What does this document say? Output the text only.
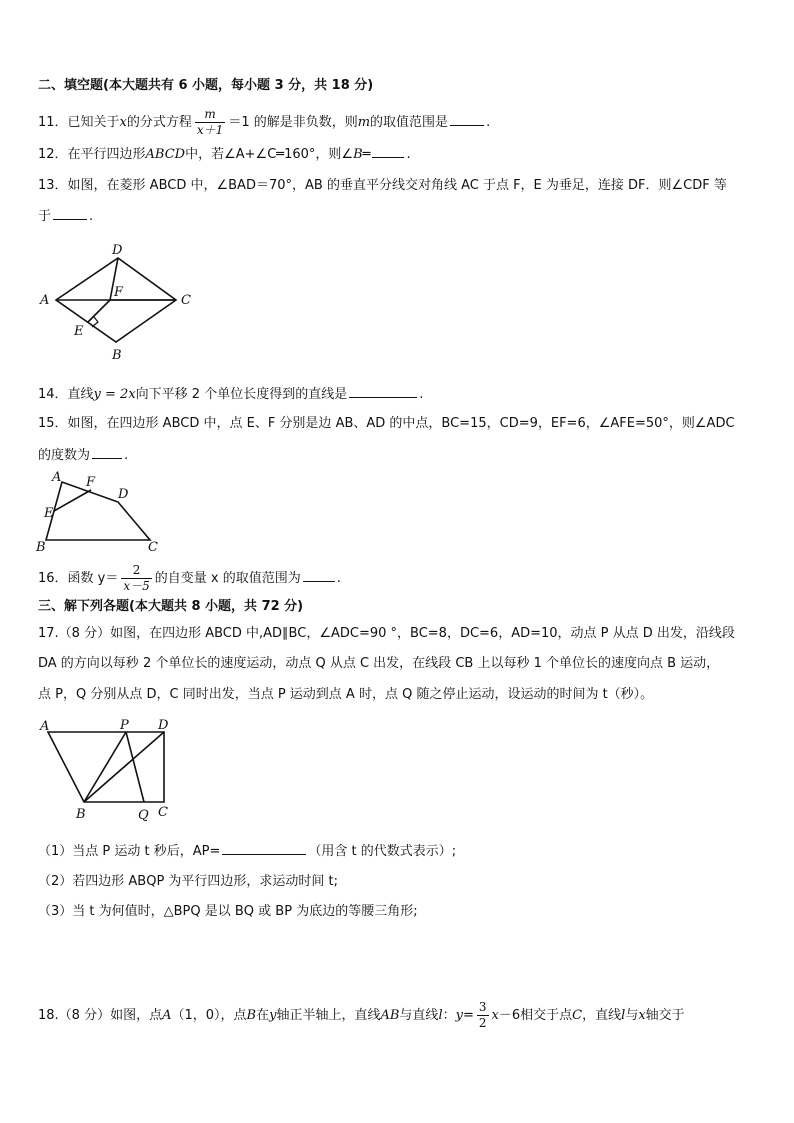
二、填空题(本大题共有 6 小题，每小题 3 分，共 18 分)
11．已知关于x的分式方程 $\frac{m}{x+1} =1$ 的解是非负数，则m的取值范围是	.
12．在平行四边形ABCD中，若∠A+∠C═160°，则∠B═	.
13．如图，在菱形 ABCD 中，∠BAD＝70°，AB 的垂直平分线交对角线 AC 于点 F，E 为垂足，连接 DF．则∠CDF 等
于	.
D
A
F
C
E
B
14．直线y = 2x向下平移 2 个单位长度得到的直线是	.
15．如图，在四边形 ABCD 中，点 E、F 分别是边 AB、AD 的中点，BC=15，CD=9，EF=6，∠AFE=50°，则∠ADC
的度数为	.
A F
D
E
B	C
16．函数 $y= \frac{2}{x-5}$ 的自变量 x 的取值范围为	.
三、解下列各题(本大题共 8 小题，共 72 分)
17.（8 分）如图，在四边形 ABCD 中,AD∥BC，∠ADC=90 °，BC=8，DC=6，AD=10，动点 P 从点 D 出发，沿线段
DA 的方向以每秒 2 个单位长的速度运动，动点 Q 从点 C 出发，在线段 CB 上以每秒 1 个单位长的速度向点 B 运动，
点 P，Q 分别从点 D，C 同时出发，当点 P 运动到点 A 时，点 Q 随之停止运动，设运动的时间为 t（秒）。
A	P D
B	Q C
（1）当点 P 运动 t 秒后，AP=	（用含 t 的代数式表示）;
（2）若四边形 ABQP 为平行四边形，求运动时间 t;
（3）当 t 为何值时，△BPQ 是以 BQ 或 BP 为底边的等腰三角形;
18.（8 分）如图，点A（1，0），点B在y轴正半轴上，直线AB与直线l：$y= \frac{3}{2} x-6$相交于点C，直线l与x轴交于
